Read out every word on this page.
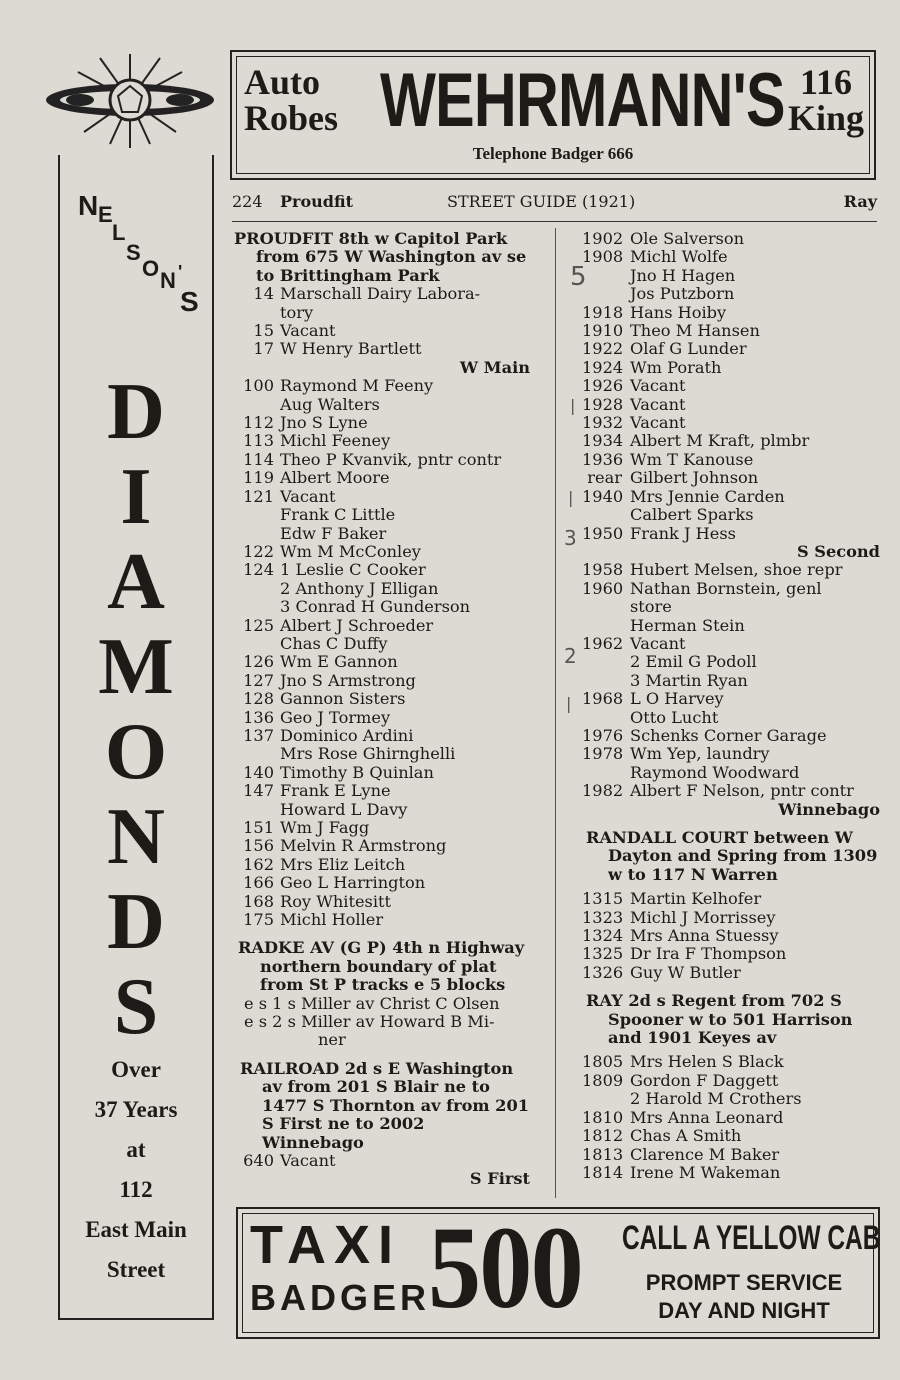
N E
L
S
O N '
S
D
I
A
M
O
N
D
S
Over
37 Years
at
112
East Main
Street
Auto
Robes WEHRMANN'S 116
King
Telephone Badger 666
224 Proudfit	STREET GUIDE (1921)	Ray
PROUDFIT 8th w Capitol Park from 675 W Washington av se to Brittingham Park
14 Marschall Dairy Labora-
tory
15 Vacant
17 W Henry Bartlett
W Main
100 Raymond M Feeny
Aug Walters
112 Jno S Lyne
113 Michl Feeney
114 Theo P Kvanvik, pntr contr
119 Albert Moore
121 Vacant
Frank C Little
Edw F Baker
122 Wm M McConley
124 1 Leslie C Cooker
2 Anthony J Elligan
3 Conrad H Gunderson
125 Albert J Schroeder
Chas C Duffy
126 Wm E Gannon
127 Jno S Armstrong
128 Gannon Sisters
136 Geo J Tormey
137 Dominico Ardini
Mrs Rose Ghirnghelli
140 Timothy B Quinlan
147 Frank E Lyne
Howard L Davy
151 Wm J Fagg
156 Melvin R Armstrong
162 Mrs Eliz Leitch
166 Geo L Harrington
168 Roy Whitesitt
175 Michl Holler
RADKE AV (G P) 4th n Highway northern boundary of plat from St P tracks e 5 blocks
e s 1 s Miller av Christ C Olsen
e s 2 s Miller av Howard B Mi-
ner
RAILROAD 2d s E Washington av from 201 S Blair ne to 1477 S Thornton av from 201 S First ne to 2002 Winnebago
640 Vacant
S First
1902 Ole Salverson
1908 Michl Wolfe
Jno H Hagen
Jos Putzborn
1918 Hans Hoiby
1910 Theo M Hansen
1922 Olaf G Lunder
1924 Wm Porath
1926 Vacant
1928 Vacant
1932 Vacant
1934 Albert M Kraft, plmbr
1936 Wm T Kanouse
rear Gilbert Johnson
1940 Mrs Jennie Carden
Calbert Sparks
1950 Frank J Hess
S Second
1958 Hubert Melsen, shoe repr
1960 Nathan Bornstein, genl
store
Herman Stein
1962 Vacant
2 Emil G Podoll
3 Martin Ryan
1968 L O Harvey
Otto Lucht
1976 Schenks Corner Garage
1978 Wm Yep, laundry
Raymond Woodward
1982 Albert F Nelson, pntr contr
Winnebago
RANDALL COURT between W Dayton and Spring from 1309 w to 117 N Warren
1315 Martin Kelhofer
1323 Michl J Morrissey
1324 Mrs Anna Stuessy
1325 Dr Ira F Thompson
1326 Guy W Butler
RAY 2d s Regent from 702 S Spooner w to 501 Harrison and 1901 Keyes av
1805 Mrs Helen S Black
1809 Gordon F Daggett
2 Harold M Crothers
1810 Mrs Anna Leonard
1812 Chas A Smith
1813 Clarence M Baker
1814 Irene M Wakeman
5
3
2
|
|
|
TAXI
BADGER
500 CALL A YELLOW CAB
PROMPT SERVICE
DAY AND NIGHT
